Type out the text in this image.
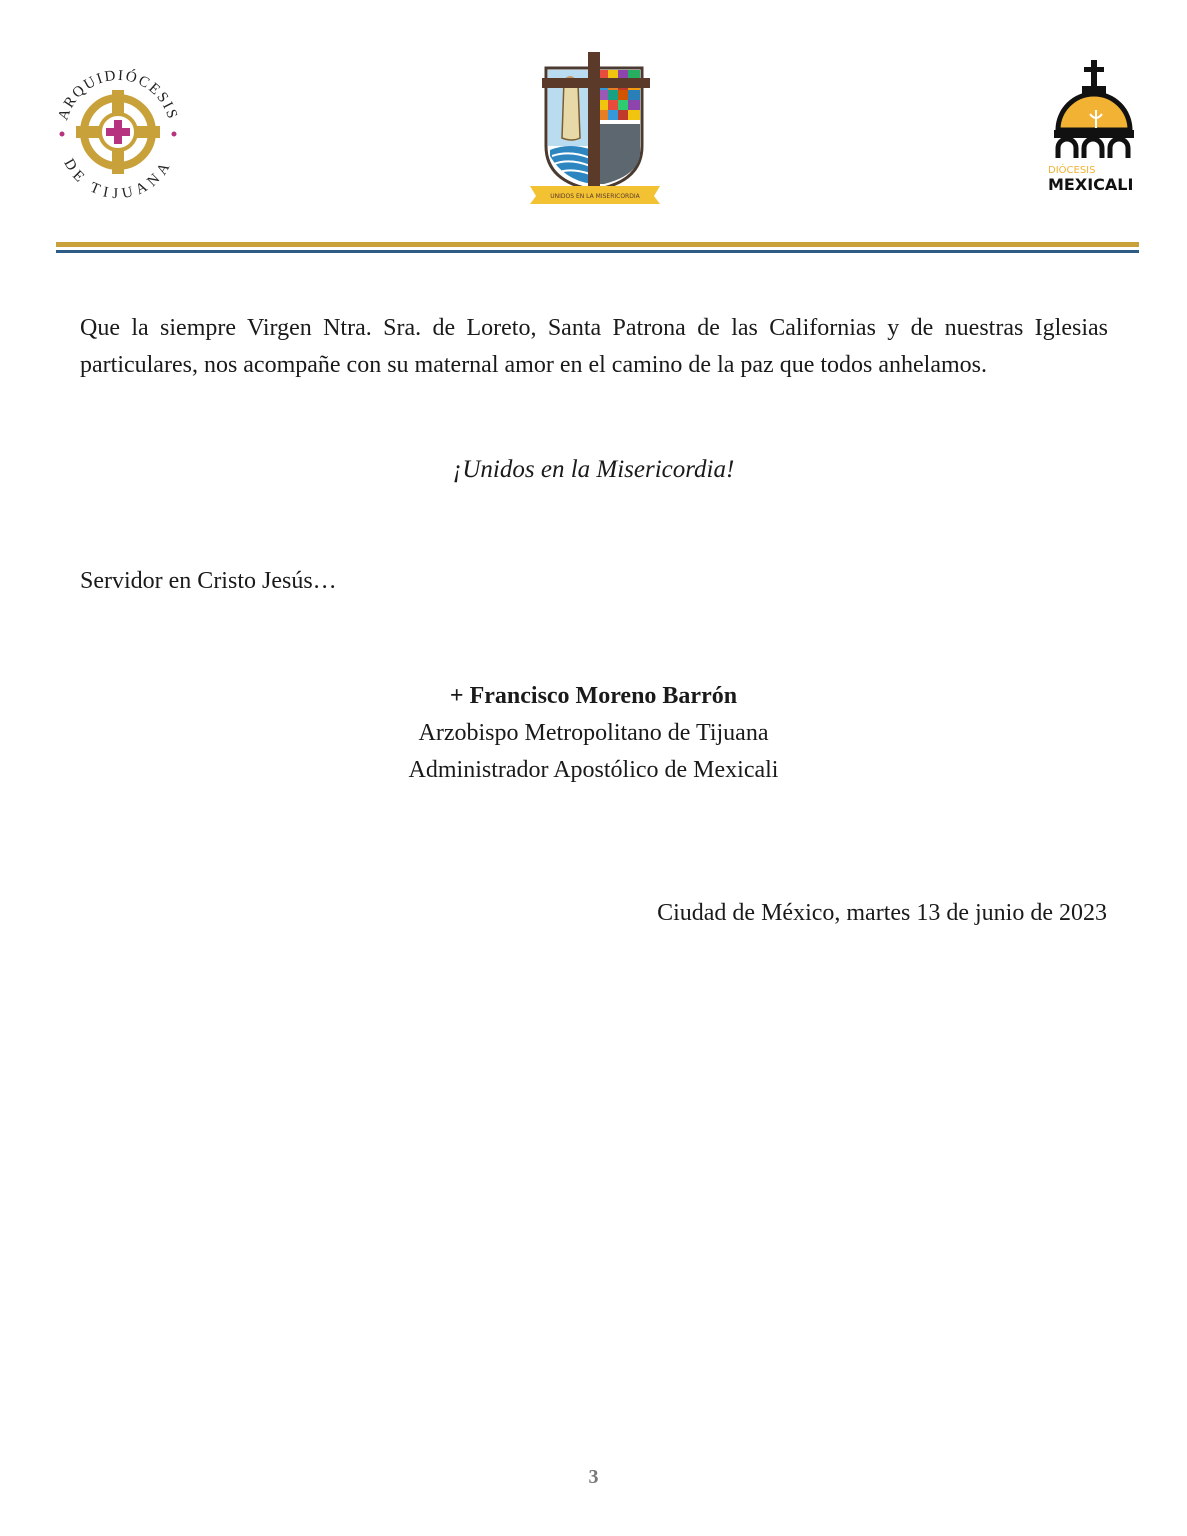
ARQUIDIÓCESIS
DE TIJUANA
UNIDOS EN LA MISERICORDIA
DIÓCESIS
MEXICALI

Que la siempre Virgen Ntra. Sra. de Loreto, Santa Patrona de las Californias y de nuestras Iglesias particulares, nos acompañe con su maternal amor en el camino de la paz que todos anhelamos.

¡Unidos en la Misericordia!

Servidor en Cristo Jesús…

+ Francisco Moreno Barrón
Arzobispo Metropolitano de Tijuana
Administrador Apostólico de Mexicali

Ciudad de México, martes 13 de junio de 2023

3
